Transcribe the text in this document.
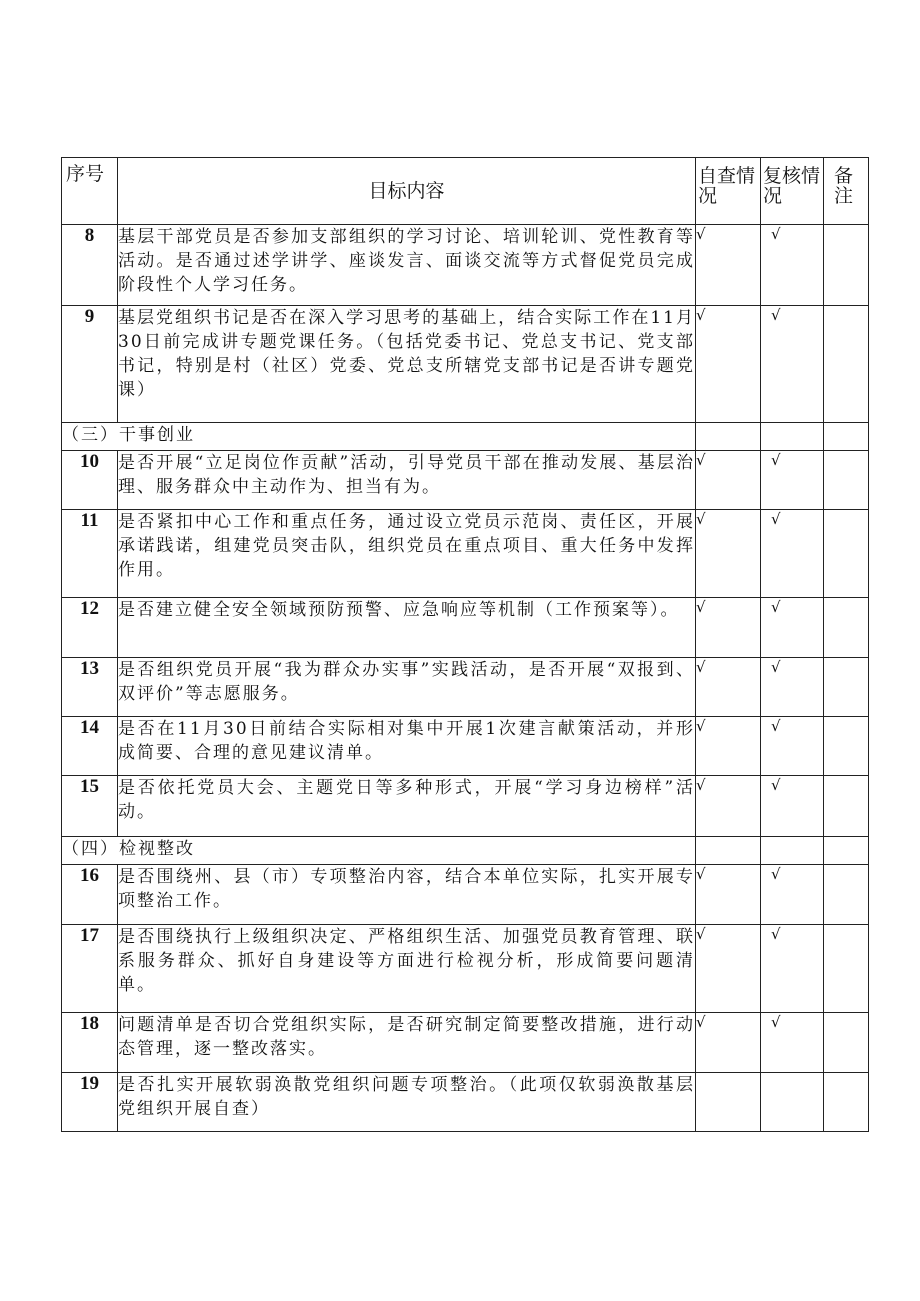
序号	目标内容	自查情况	复核情况	备注
8	基层干部党员是否参加支部组织的学习讨论、培训轮训、党性教育等活动。是否通过述学讲学、座谈发言、面谈交流等方式督促党员完成阶段性个人学习任务。	√	√	
9	基层党组织书记是否在深入学习思考的基础上，结合实际工作在11月30日前完成讲专题党课任务。（包括党委书记、党总支书记、党支部书记，特别是村（社区）党委、党总支所辖党支部书记是否讲专题党课）	√	√	
（三）干事创业				
10	是否开展“立足岗位作贡献”活动，引导党员干部在推动发展、基层治理、服务群众中主动作为、担当有为。	√	√	
11	是否紧扣中心工作和重点任务，通过设立党员示范岗、责任区，开展承诺践诺，组建党员突击队，组织党员在重点项目、重大任务中发挥作用。	√	√	
12	是否建立健全安全领域预防预警、应急响应等机制（工作预案等）。	√	√	
13	是否组织党员开展“我为群众办实事”实践活动，是否开展“双报到、双评价”等志愿服务。	√	√	
14	是否在11月30日前结合实际相对集中开展1次建言献策活动，并形成简要、合理的意见建议清单。	√	√	
15	是否依托党员大会、主题党日等多种形式，开展“学习身边榜样”活动。	√	√	
（四）检视整改				
16	是否围绕州、县（市）专项整治内容，结合本单位实际，扎实开展专项整治工作。	√	√	
17	是否围绕执行上级组织决定、严格组织生活、加强党员教育管理、联系服务群众、抓好自身建设等方面进行检视分析，形成简要问题清单。	√	√	
18	问题清单是否切合党组织实际，是否研究制定简要整改措施，进行动态管理，逐一整改落实。	√	√	
19	是否扎实开展软弱涣散党组织问题专项整治。（此项仅软弱涣散基层党组织开展自查）			
